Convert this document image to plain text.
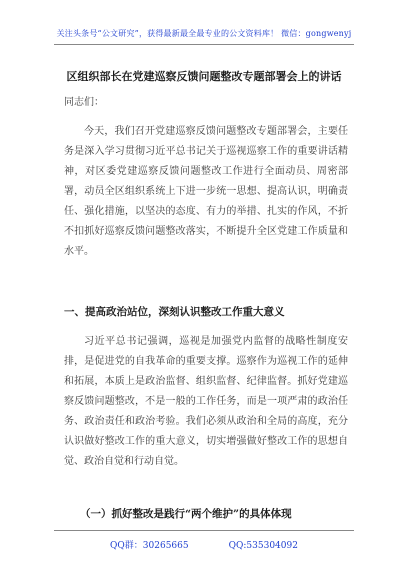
关注头条号“公文研究”，获得最新最全最专业的公文资料库！ 微信：gongwenyj
区组织部长在党建巡察反馈问题整改专题部署会上的讲话
同志们：
今天，我们召开党建巡察反馈问题整改专题部署会，主要任务是深入学习贯彻习近平总书记关于巡视巡察工作的重要讲话精神，对区委党建巡察反馈问题整改工作进行全面动员、周密部署，动员全区组织系统上下进一步统一思想、提高认识，明确责任、强化措施，以坚决的态度、有力的举措、扎实的作风，不折不扣抓好巡察反馈问题整改落实，不断提升全区党建工作质量和水平。
一、提高政治站位，深刻认识整改工作重大意义
习近平总书记强调，巡视是加强党内监督的战略性制度安排，是促进党的自我革命的重要支撑。巡察作为巡视工作的延伸和拓展，本质上是政治监督、组织监督、纪律监督。抓好党建巡察反馈问题整改，不是一般的工作任务，而是一项严肃的政治任务、政治责任和政治考验。我们必须从政治和全局的高度，充分认识做好整改工作的重大意义，切实增强做好整改工作的思想自觉、政治自觉和行动自觉。
（一）抓好整改是践行“两个维护”的具体体现
QQ群：30265665	QQ:535304092
